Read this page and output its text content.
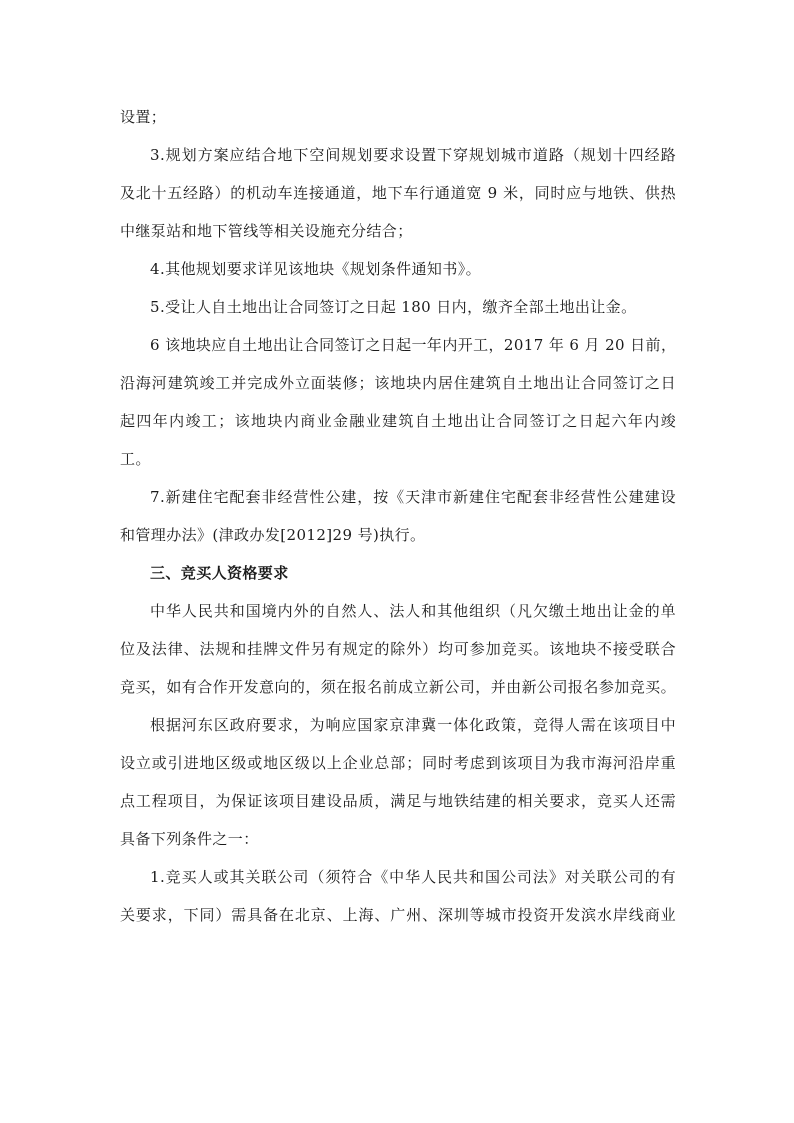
设置；
3.规划方案应结合地下空间规划要求设置下穿规划城市道路（规划十四经路
及北十五经路）的机动车连接通道，地下车行通道宽 9 米，同时应与地铁、供热
中继泵站和地下管线等相关设施充分结合；
4.其他规划要求详见该地块《规划条件通知书》。
5.受让人自土地出让合同签订之日起 180 日内，缴齐全部土地出让金。
6 该地块应自土地出让合同签订之日起一年内开工，2017 年 6 月 20 日前，
沿海河建筑竣工并完成外立面装修；该地块内居住建筑自土地出让合同签订之日
起四年内竣工；该地块内商业金融业建筑自土地出让合同签订之日起六年内竣
工。
7.新建住宅配套非经营性公建，按《天津市新建住宅配套非经营性公建建设
和管理办法》(津政办发[2012]29 号)执行。
三、竞买人资格要求
中华人民共和国境内外的自然人、法人和其他组织（凡欠缴土地出让金的单
位及法律、法规和挂牌文件另有规定的除外）均可参加竞买。该地块不接受联合
竞买，如有合作开发意向的，须在报名前成立新公司，并由新公司报名参加竞买。
根据河东区政府要求，为响应国家京津冀一体化政策，竞得人需在该项目中
设立或引进地区级或地区级以上企业总部；同时考虑到该项目为我市海河沿岸重
点工程项目，为保证该项目建设品质，满足与地铁结建的相关要求，竞买人还需
具备下列条件之一：
1.竞买人或其关联公司（须符合《中华人民共和国公司法》对关联公司的有
关要求，下同）需具备在北京、上海、广州、深圳等城市投资开发滨水岸线商业
